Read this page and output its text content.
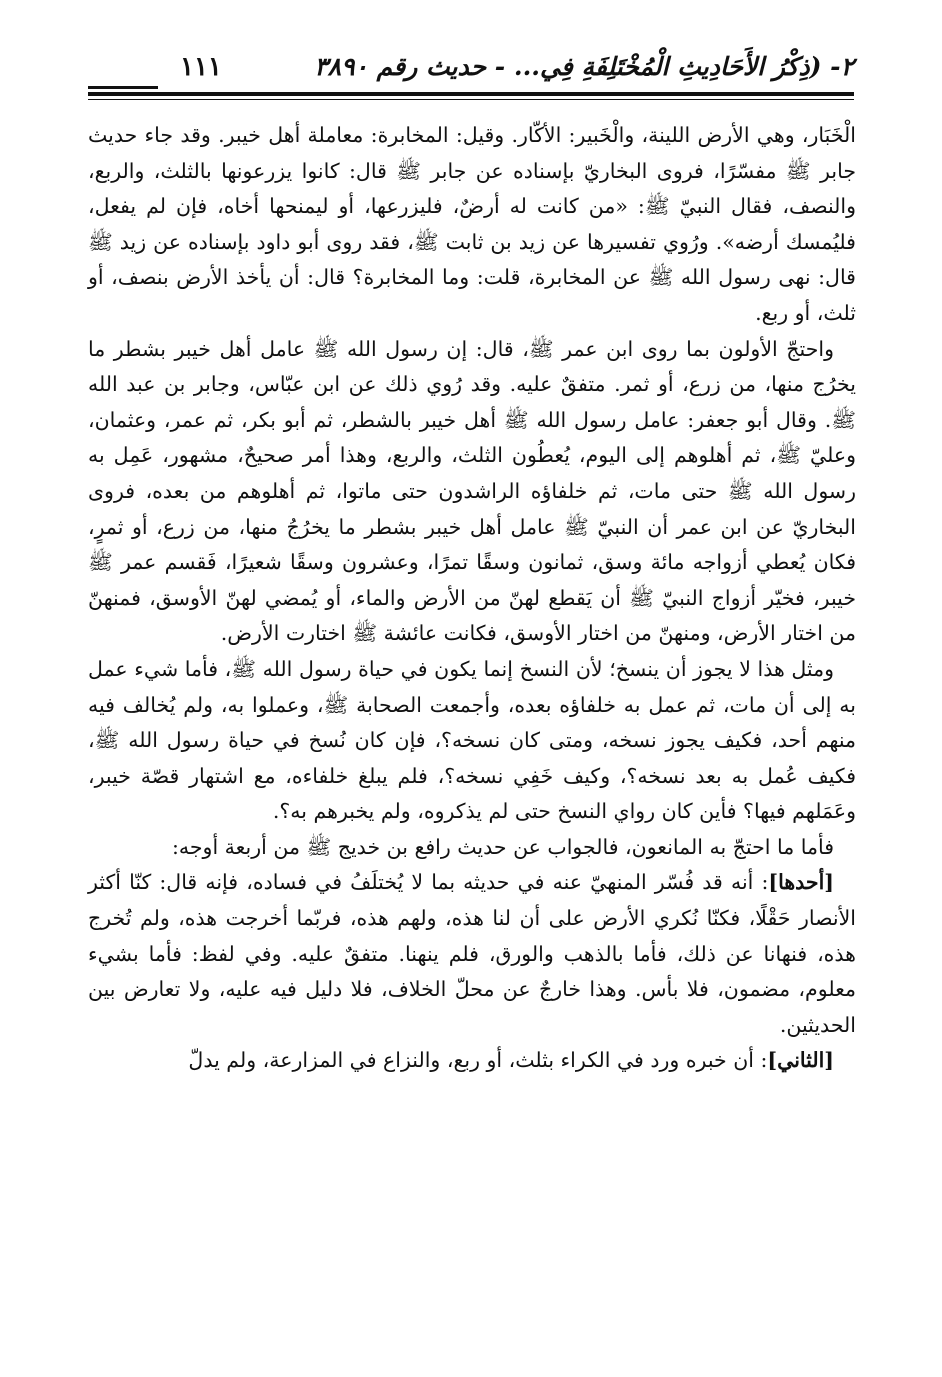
٢- (ذِكْرُ الأَحَادِيثِ الْمُخْتَلِفَةِ فِي... - حديث رقم ٣٨٩٠
١١١

الْخَبَار، وهي الأرض اللينة، والْخَبير: الأكّار. وقيل: المخابرة: معاملة أهل خيبر. وقد جاء حديث جابر ﷺ مفسّرًا، فروى البخاريّ بإسناده عن جابر ﷺ قال: كانوا يزرعونها بالثلث، والربع، والنصف، فقال النبيّ ﷺ: «من كانت له أرضٌ، فليزرعها، أو ليمنحها أخاه، فإن لم يفعل، فليُمسك أرضه». ورُوي تفسيرها عن زيد بن ثابت ﷺ، فقد روى أبو داود بإسناده عن زيد ﷺ قال: نهى رسول الله ﷺ عن المخابرة، قلت: وما المخابرة؟ قال: أن يأخذ الأرض بنصف، أو ثلث، أو ربع.

واحتجّ الأولون بما روى ابن عمر ﷺ، قال: إن رسول الله ﷺ عامل أهل خيبر بشطر ما يخرُج منها، من زرع، أو ثمر. متفقٌ عليه. وقد رُوي ذلك عن ابن عبّاس، وجابر بن عبد الله ﷺ. وقال أبو جعفر: عامل رسول الله ﷺ أهل خيبر بالشطر، ثم أبو بكر، ثم عمر، وعثمان، وعليّ ﷺ، ثم أهلوهم إلى اليوم، يُعطُون الثلث، والربع، وهذا أمر صحيحٌ، مشهور، عَمِل به رسول الله ﷺ حتى مات، ثم خلفاؤه الراشدون حتى ماتوا، ثم أهلوهم من بعده، فروى البخاريّ عن ابن عمر أن النبيّ ﷺ عامل أهل خيبر بشطر ما يخرُجُ منها، من زرع، أو ثمرٍ، فكان يُعطي أزواجه مائة وسق، ثمانون وسقًا تمرًا، وعشرون وسقًا شعيرًا، فَقسم عمر ﷺ خيبر، فخيّر أزواج النبيّ ﷺ أن يَقطع لهنّ من الأرض والماء، أو يُمضي لهنّ الأوسق، فمنهنّ من اختار الأرض، ومنهنّ من اختار الأوسق، فكانت عائشة ﷺ اختارت الأرض.

ومثل هذا لا يجوز أن ينسخ؛ لأن النسخ إنما يكون في حياة رسول الله ﷺ، فأما شيء عمل به إلى أن مات، ثم عمل به خلفاؤه بعده، وأجمعت الصحابة ﷺ، وعملوا به، ولم يُخالف فيه منهم أحد، فكيف يجوز نسخه، ومتى كان نسخه؟، فإن كان نُسخ في حياة رسول الله ﷺ، فكيف عُمل به بعد نسخه؟، وكيف خَفِي نسخه؟، فلم يبلغ خلفاءه، مع اشتهار قصّة خيبر، وعَمَلهم فيها؟ فأين كان رواي النسخ حتى لم يذكروه، ولم يخبرهم به؟.

فأما ما احتجّ به المانعون، فالجواب عن حديث رافع بن خديج ﷺ من أربعة أوجه:

[أحدها]: أنه قد فُسّر المنهيّ عنه في حديثه بما لا يُختلَفُ في فساده، فإنه قال: كنّا أكثر الأنصار حَقْلًا، فكنّا نُكري الأرض على أن لنا هذه، ولهم هذه، فربّما أخرجت هذه، ولم تُخرج هذه، فنهانا عن ذلك، فأما بالذهب والورق، فلم ينهنا. متفقٌ عليه. وفي لفظ: فأما بشيء معلوم، مضمون، فلا بأس. وهذا خارجٌ عن محلّ الخلاف، فلا دليل فيه عليه، ولا تعارض بين الحديثين.

[الثاني]: أن خبره ورد في الكراء بثلث، أو ربع، والنزاع في المزارعة، ولم يدلّ
